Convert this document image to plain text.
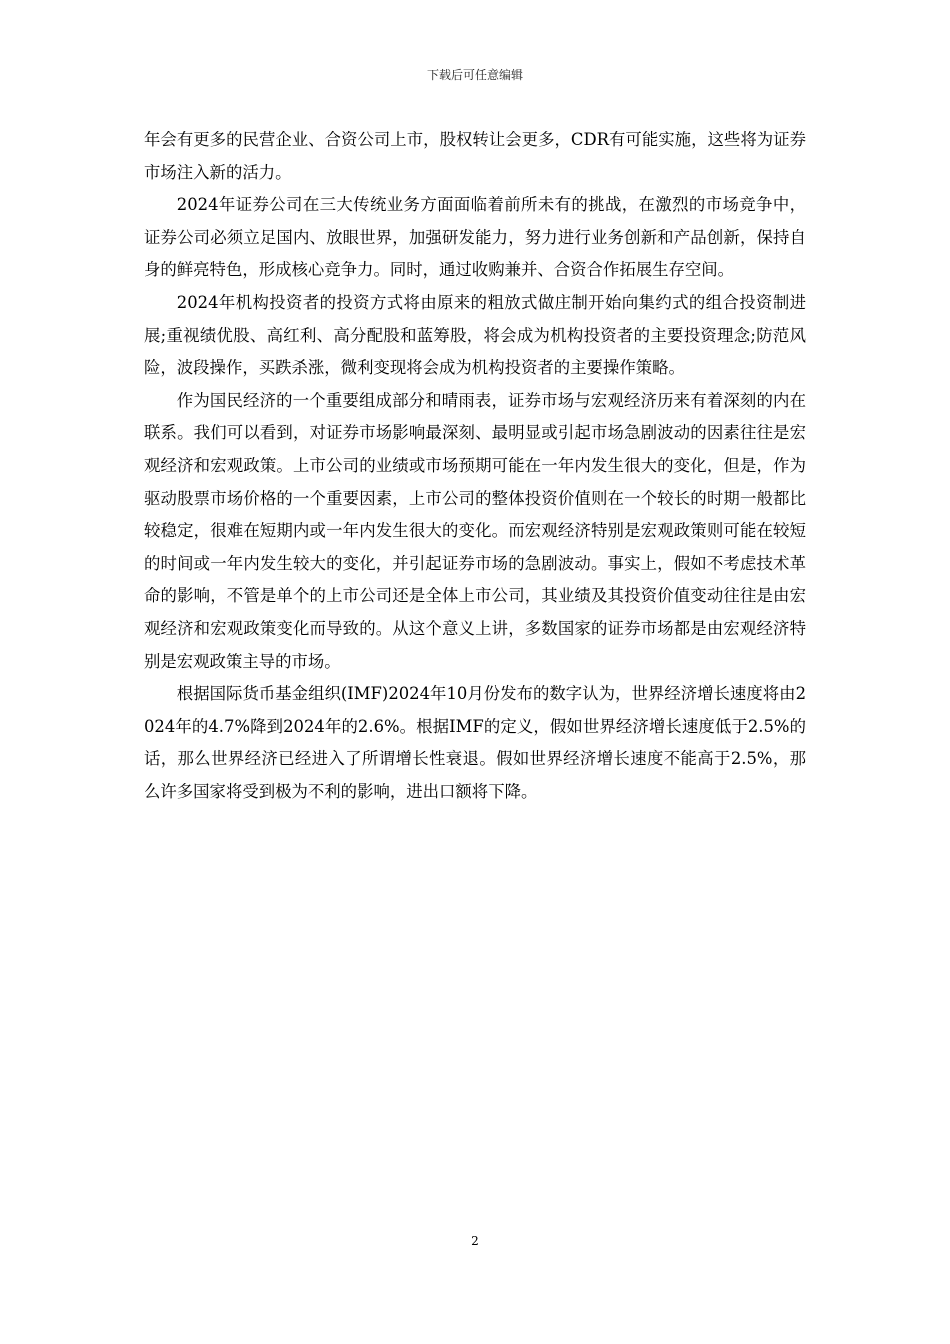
下载后可任意编辑

年会有更多的民营企业、合资公司上市，股权转让会更多，CDR有可能实施，这些将为证券市场注入新的活力。

2024年证券公司在三大传统业务方面面临着前所未有的挑战，在激烈的市场竞争中，证券公司必须立足国内、放眼世界，加强研发能力，努力进行业务创新和产品创新，保持自身的鲜亮特色，形成核心竞争力。同时，通过收购兼并、合资合作拓展生存空间。

2024年机构投资者的投资方式将由原来的粗放式做庄制开始向集约式的组合投资制进展;重视绩优股、高红利、高分配股和蓝筹股，将会成为机构投资者的主要投资理念;防范风险，波段操作，买跌杀涨，微利变现将会成为机构投资者的主要操作策略。

作为国民经济的一个重要组成部分和晴雨表，证券市场与宏观经济历来有着深刻的内在联系。我们可以看到，对证券市场影响最深刻、最明显或引起市场急剧波动的因素往往是宏观经济和宏观政策。上市公司的业绩或市场预期可能在一年内发生很大的变化，但是，作为驱动股票市场价格的一个重要因素，上市公司的整体投资价值则在一个较长的时期一般都比较稳定，很难在短期内或一年内发生很大的变化。而宏观经济特别是宏观政策则可能在较短的时间或一年内发生较大的变化，并引起证券市场的急剧波动。事实上，假如不考虑技术革命的影响，不管是单个的上市公司还是全体上市公司，其业绩及其投资价值变动往往是由宏观经济和宏观政策变化而导致的。从这个意义上讲，多数国家的证券市场都是由宏观经济特别是宏观政策主导的市场。

根据国际货币基金组织(IMF)2024年10月份发布的数字认为，世界经济增长速度将由2024年的4.7%降到2024年的2.6%。根据IMF的定义，假如世界经济增长速度低于2.5%的话，那么世界经济已经进入了所谓增长性衰退。假如世界经济增长速度不能高于2.5%，那么许多国家将受到极为不利的影响，进出口额将下降。

2
